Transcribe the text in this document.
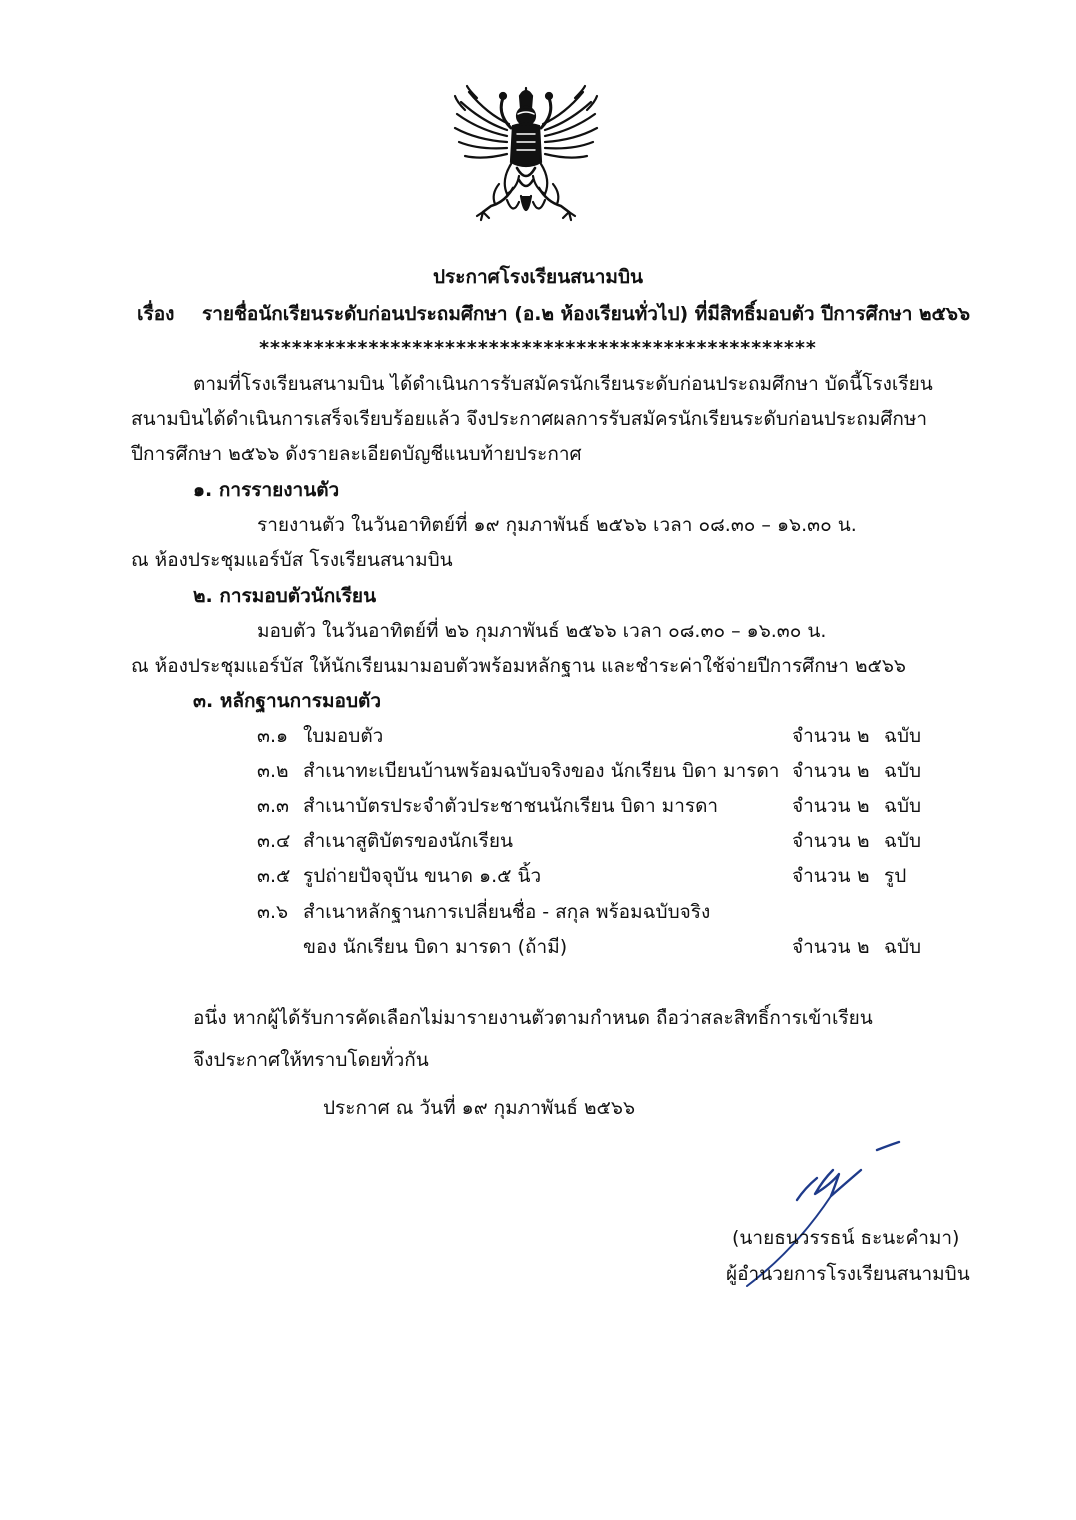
ประกาศโรงเรียนสนามบิน
เรื่อง รายชื่อนักเรียนระดับก่อนประถมศึกษา (อ.๒ ห้องเรียนทั่วไป) ที่มีสิทธิ์มอบตัว ปีการศึกษา ๒๕๖๖
***************************************************
ตามที่โรงเรียนสนามบิน ได้ดำเนินการรับสมัครนักเรียนระดับก่อนประถมศึกษา บัดนี้โรงเรียน
สนามบินได้ดำเนินการเสร็จเรียบร้อยแล้ว จึงประกาศผลการรับสมัครนักเรียนระดับก่อนประถมศึกษา
ปีการศึกษา ๒๕๖๖ ดังรายละเอียดบัญชีแนบท้ายประกาศ
๑. การรายงานตัว
รายงานตัว ในวันอาทิตย์ที่ ๑๙ กุมภาพันธ์ ๒๕๖๖ เวลา ๐๘.๓๐ – ๑๖.๓๐ น.
ณ ห้องประชุมแอร์บัส โรงเรียนสนามบิน
๒. การมอบตัวนักเรียน
มอบตัว ในวันอาทิตย์ที่ ๒๖ กุมภาพันธ์ ๒๕๖๖ เวลา ๐๘.๓๐ – ๑๖.๓๐ น.
ณ ห้องประชุมแอร์บัส ให้นักเรียนมามอบตัวพร้อมหลักฐาน และชำระค่าใช้จ่ายปีการศึกษา ๒๕๖๖
๓. หลักฐานการมอบตัว
๓.๑ ใบมอบตัว	จำนวน ๒ ฉบับ
๓.๒ สำเนาทะเบียนบ้านพร้อมฉบับจริงของ นักเรียน บิดา มารดา จำนวน ๒ ฉบับ
๓.๓ สำเนาบัตรประจำตัวประชาชนนักเรียน บิดา มารดา	จำนวน ๒ ฉบับ
๓.๔ สำเนาสูติบัตรของนักเรียน	จำนวน ๒ ฉบับ
๓.๕ รูปถ่ายปัจจุบัน ขนาด ๑.๕ นิ้ว	จำนวน ๒ รูป
๓.๖ สำเนาหลักฐานการเปลี่ยนชื่อ - สกุล พร้อมฉบับจริง
ของ นักเรียน บิดา มารดา (ถ้ามี)	จำนวน ๒ ฉบับ
อนึ่ง หากผู้ได้รับการคัดเลือกไม่มารายงานตัวตามกำหนด ถือว่าสละสิทธิ์การเข้าเรียน
จึงประกาศให้ทราบโดยทั่วกัน
ประกาศ ณ วันที่ ๑๙ กุมภาพันธ์ ๒๕๖๖
(นายธนวรรธน์ ธะนะคำมา)
ผู้อำนวยการโรงเรียนสนามบิน
